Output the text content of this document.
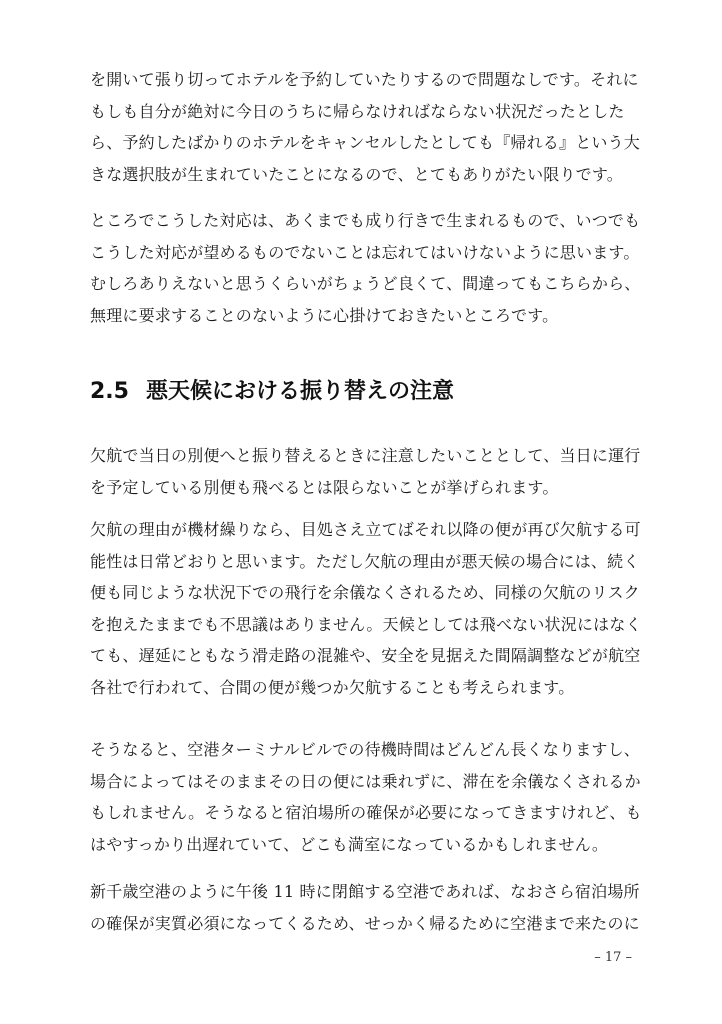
を開いて張り切ってホテルを予約していたりするので問題なしです。それに
もしも自分が絶対に今日のうちに帰らなければならない状況だったとした
ら、予約したばかりのホテルをキャンセルしたとしても『帰れる』という大
きな選択肢が生まれていたことになるので、とてもありがたい限りです。
ところでこうした対応は、あくまでも成り行きで生まれるもので、いつでも
こうした対応が望めるものでないことは忘れてはいけないように思います。
むしろありえないと思うくらいがちょうど良くて、間違ってもこちらから、
無理に要求することのないように心掛けておきたいところです。
2.5 悪天候における振り替えの注意
欠航で当日の別便へと振り替えるときに注意したいこととして、当日に運行
を予定している別便も飛べるとは限らないことが挙げられます。
欠航の理由が機材繰りなら、目処さえ立てばそれ以降の便が再び欠航する可
能性は日常どおりと思います。ただし欠航の理由が悪天候の場合には、続く
便も同じような状況下での飛行を余儀なくされるため、同様の欠航のリスク
を抱えたままでも不思議はありません。天候としては飛べない状況にはなく
ても、遅延にともなう滑走路の混雑や、安全を見据えた間隔調整などが航空
各社で行われて、合間の便が幾つか欠航することも考えられます。
そうなると、空港ターミナルビルでの待機時間はどんどん長くなりますし、
場合によってはそのままその日の便には乗れずに、滞在を余儀なくされるか
もしれません。そうなると宿泊場所の確保が必要になってきますけれど、も
はやすっかり出遅れていて、どこも満室になっているかもしれません。
新千歳空港のように午後 11 時に閉館する空港であれば、なおさら宿泊場所
の確保が実質必須になってくるため、せっかく帰るために空港まで来たのに
– 17 –
